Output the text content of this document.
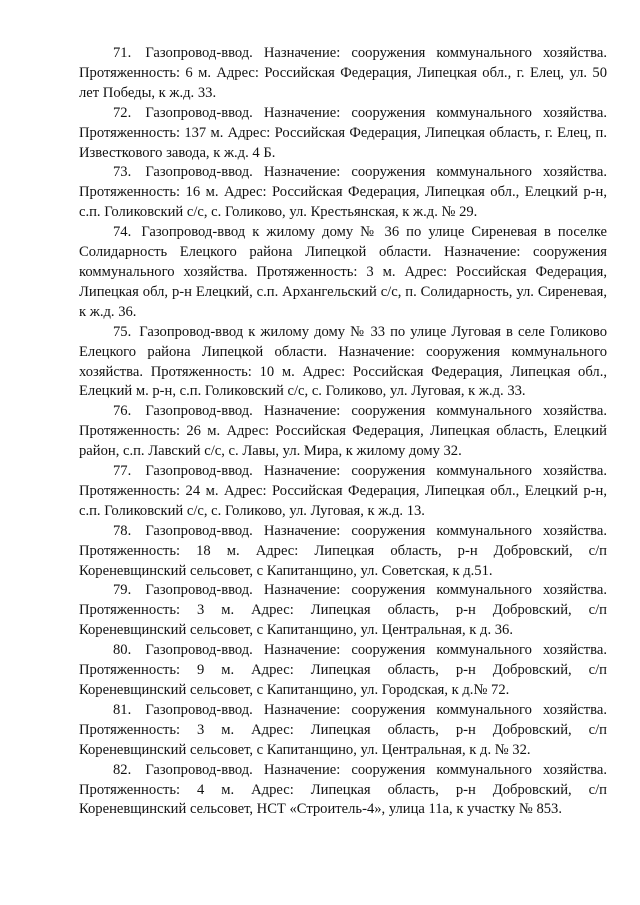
71. Газопровод-ввод. Назначение: сооружения коммунального хозяйства. Протяженность: 6 м. Адрес: Российская Федерация, Липецкая обл., г. Елец, ул. 50 лет Победы, к ж.д. 33.

72. Газопровод-ввод. Назначение: сооружения коммунального хозяйства. Протяженность: 137 м. Адрес: Российская Федерация, Липецкая область, г. Елец, п. Известкового завода, к ж.д. 4 Б.

73. Газопровод-ввод. Назначение: сооружения коммунального хозяйства. Протяженность: 16 м. Адрес: Российская Федерация, Липецкая обл., Елецкий р-н, с.п. Голиковский с/с, с. Голиково, ул. Крестьянская, к ж.д. № 29.

74. Газопровод-ввод к жилому дому № 36 по улице Сиреневая в поселке Солидарность Елецкого района Липецкой области. Назначение: сооружения коммунального хозяйства. Протяженность: 3 м. Адрес: Российская Федерация, Липецкая обл, р-н Елецкий, с.п. Архангельский с/с, п. Солидарность, ул. Сиреневая, к ж.д. 36.

75. Газопровод-ввод к жилому дому № 33 по улице Луговая в селе Голиково Елецкого района Липецкой области. Назначение: сооружения коммунального хозяйства. Протяженность: 10 м. Адрес: Российская Федерация, Липецкая обл., Елецкий м. р-н, с.п. Голиковский с/с, с. Голиково, ул. Луговая, к ж.д. 33.

76. Газопровод-ввод. Назначение: сооружения коммунального хозяйства. Протяженность: 26 м. Адрес: Российская Федерация, Липецкая область, Елецкий район, с.п. Лавский с/с, с. Лавы, ул. Мира, к жилому дому 32.

77. Газопровод-ввод. Назначение: сооружения коммунального хозяйства. Протяженность: 24 м. Адрес: Российская Федерация, Липецкая обл., Елецкий р-н, с.п. Голиковский с/с, с. Голиково, ул. Луговая, к ж.д. 13.

78. Газопровод-ввод. Назначение: сооружения коммунального хозяйства. Протяженность: 18 м. Адрес: Липецкая область, р-н Добровский, с/п Кореневщинский сельсовет, с Капитанщино, ул. Советская, к д.51.

79. Газопровод-ввод. Назначение: сооружения коммунального хозяйства. Протяженность: 3 м. Адрес: Липецкая область, р-н Добровский, с/п Кореневщинский сельсовет, с Капитанщино, ул. Центральная, к д. 36.

80. Газопровод-ввод. Назначение: сооружения коммунального хозяйства. Протяженность: 9 м. Адрес: Липецкая область, р-н Добровский, с/п Кореневщинский сельсовет, с Капитанщино, ул. Городская, к д.№ 72.

81. Газопровод-ввод. Назначение: сооружения коммунального хозяйства. Протяженность: 3 м. Адрес: Липецкая область, р-н Добровский, с/п Кореневщинский сельсовет, с Капитанщино, ул. Центральная, к д. № 32.

82. Газопровод-ввод. Назначение: сооружения коммунального хозяйства. Протяженность: 4 м. Адрес: Липецкая область, р-н Добровский, с/п Кореневщинский сельсовет, НСТ «Строитель-4», улица 11а, к участку № 853.
